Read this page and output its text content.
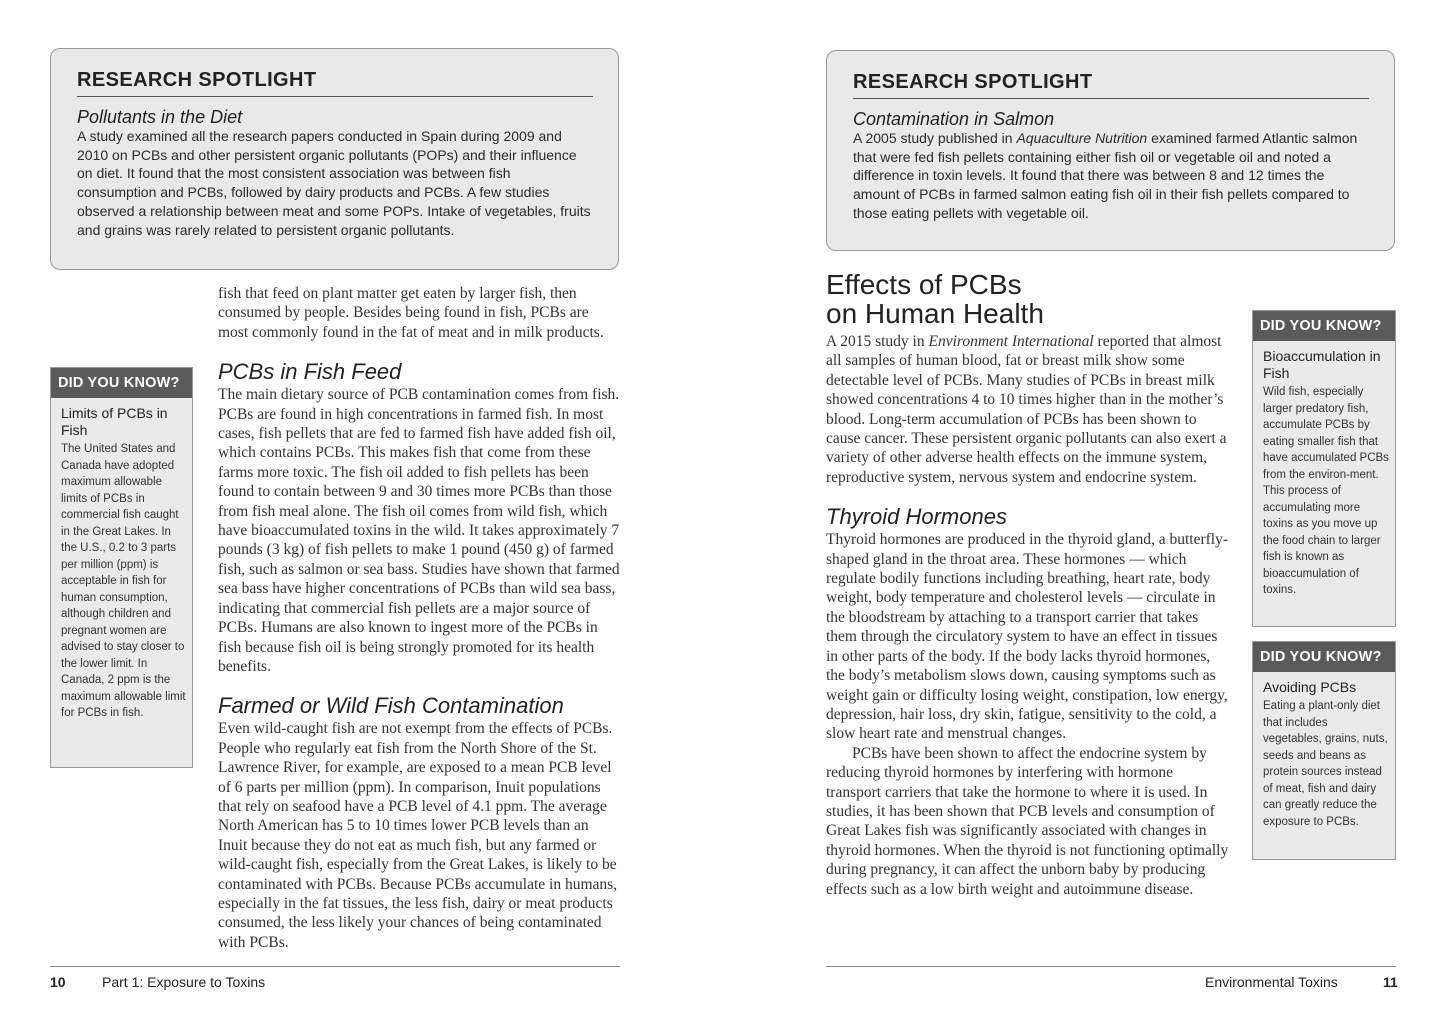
RESEARCH SPOTLIGHT
Pollutants in the Diet
A study examined all the research papers conducted in Spain during 2009 and 2010 on PCBs and other persistent organic pollutants (POPs) and their influence on diet. It found that the most consistent association was between fish consumption and PCBs, followed by dairy products and PCBs. A few studies observed a relationship between meat and some POPs. Intake of vegetables, fruits and grains was rarely related to persistent organic pollutants.
DID YOU KNOW?
Limits of PCBs in Fish
The United States and Canada have adopted maximum allowable limits of PCBs in commercial fish caught in the Great Lakes. In the U.S., 0.2 to 3 parts per million (ppm) is acceptable in fish for human consumption, although children and pregnant women are advised to stay closer to the lower limit. In Canada, 2 ppm is the maximum allowable limit for PCBs in fish.

fish that feed on plant matter get eaten by larger fish, then consumed by people. Besides being found in fish, PCBs are most commonly found in the fat of meat and in milk products.

PCBs in Fish Feed

The main dietary source of PCB contamination comes from fish. PCBs are found in high concentrations in farmed fish. In most cases, fish pellets that are fed to farmed fish have added fish oil, which contains PCBs. This makes fish that come from these farms more toxic. The fish oil added to fish pellets has been found to contain between 9 and 30 times more PCBs than those from fish meal alone. The fish oil comes from wild fish, which have bioaccumulated toxins in the wild. It takes approximately 7 pounds (3 kg) of fish pellets to make 1 pound (450 g) of farmed fish, such as salmon or sea bass. Studies have shown that farmed sea bass have higher concentrations of PCBs than wild sea bass, indicating that commercial fish pellets are a major source of PCBs. Humans are also known to ingest more of the PCBs in fish because fish oil is being strongly promoted for its health benefits.

Farmed or Wild Fish Contamination

Even wild-caught fish are not exempt from the effects of PCBs. People who regularly eat fish from the North Shore of the St. Lawrence River, for example, are exposed to a mean PCB level of 6 parts per million (ppm). In comparison, Inuit populations that rely on seafood have a PCB level of 4.1 ppm. The average North American has 5 to 10 times lower PCB levels than an Inuit because they do not eat as much fish, but any farmed or wild-caught fish, especially from the Great Lakes, is likely to be contaminated with PCBs. Because PCBs accumulate in humans, especially in the fat tissues, the less fish, dairy or meat products consumed, the less likely your chances of being contaminated with PCBs.

10	Part 1: Exposure to Toxins
RESEARCH SPOTLIGHT
Contamination in Salmon
A 2005 study published in Aquaculture Nutrition examined farmed Atlantic salmon that were fed fish pellets containing either fish oil or vegetable oil and noted a difference in toxin levels. It found that there was between 8 and 12 times the amount of PCBs in farmed salmon eating fish oil in their fish pellets compared to those eating pellets with vegetable oil.
Effects of PCBs
on Human Health

A 2015 study in Environment International reported that almost all samples of human blood, fat or breast milk show some detectable level of PCBs. Many studies of PCBs in breast milk showed concentrations 4 to 10 times higher than in the mother’s blood. Long-term accumulation of PCBs has been shown to cause cancer. These persistent organic pollutants can also exert a variety of other adverse health effects on the immune system, reproductive system, nervous system and endocrine system.

Thyroid Hormones

Thyroid hormones are produced in the thyroid gland, a butterfly-shaped gland in the throat area. These hormones — which regulate bodily functions including breathing, heart rate, body weight, body temperature and cholesterol levels — circulate in the bloodstream by attaching to a transport carrier that takes them through the circulatory system to have an effect in tissues in other parts of the body. If the body lacks thyroid hormones, the body’s metabolism slows down, causing symptoms such as weight gain or difficulty losing weight, constipation, low energy, depression, hair loss, dry skin, fatigue, sensitivity to the cold, a slow heart rate and menstrual changes.

PCBs have been shown to affect the endocrine system by reducing thyroid hormones by interfering with hormone transport carriers that take the hormone to where it is used. In studies, it has been shown that PCB levels and consumption of Great Lakes fish was significantly associated with changes in thyroid hormones. When the thyroid is not functioning optimally during pregnancy, it can affect the unborn baby by producing effects such as a low birth weight and autoimmune disease.

DID YOU KNOW?
Bioaccumulation in Fish
Wild fish, especially larger predatory fish, accumulate PCBs by eating smaller fish that have accumulated PCBs from the environ-ment. This process of accumulating more toxins as you move up the food chain to larger fish is known as bioaccumulation of toxins.
DID YOU KNOW?
Avoiding PCBs
Eating a plant-only diet that includes vegetables, grains, nuts, seeds and beans as protein sources instead of meat, fish and dairy can greatly reduce the exposure to PCBs.
Environmental Toxins	11
